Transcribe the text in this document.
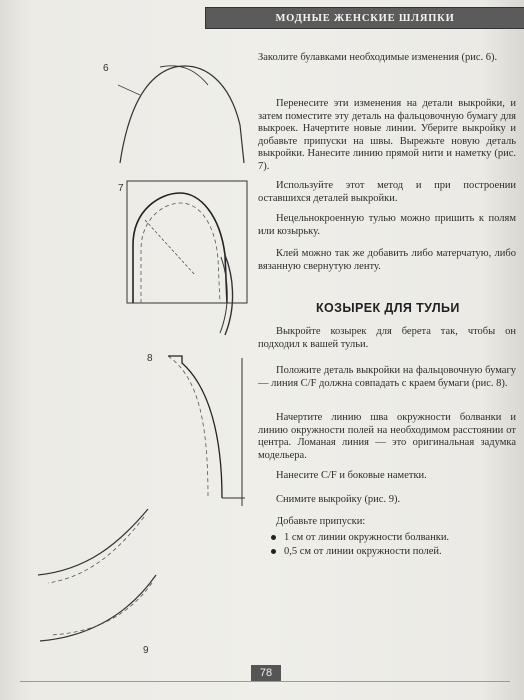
МОДНЫЕ ЖЕНСКИЕ ШЛЯПКИ
6
7
8
9
Заколите булавками необходимые изменения (рис. 6).
Перенесите эти изменения на детали выкройки, и затем поместите эту деталь на фальцовочную бумагу для выкроек. Начертите новые линии. Уберите выкройку и добавьте припуски на швы. Вырежьте новую деталь выкройки. Нанесите линию прямой нити и наметку (рис. 7).
Используйте этот метод и при построении оставшихся деталей выкройки.
Нецельнокроенную тулью можно пришить к полям или козырьку.
Клей можно так же добавить либо матерчатую, либо вязанную свернутую ленту.
КОЗЫРЕК ДЛЯ ТУЛЬИ
Выкройте козырек для берета так, чтобы он подходил к вашей тульи.
Положите деталь выкройки на фальцовочную бумагу — линия С/F должна совпадать с краем бумаги (рис. 8).
Начертите линию шва окружности болванки и линию окружности полей на необходимом расстоянии от центра. Ломаная линия — это оригинальная задумка модельера.
Нанесите С/F и боковые наметки.
Снимите выкройку (рис. 9).
Добавьте припуски:
1 см от линии окружности болванки.
0,5 см от линии окружности полей.
78
